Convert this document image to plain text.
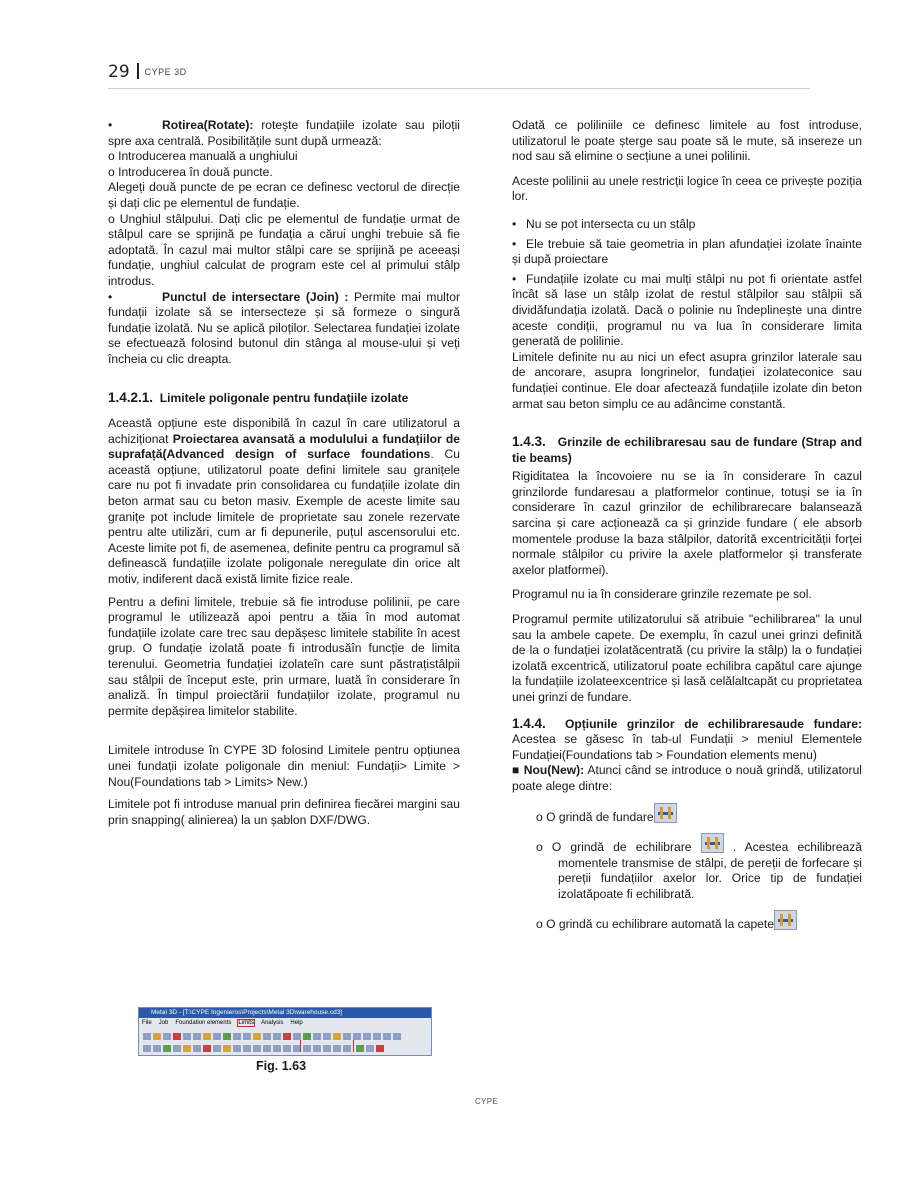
29 CYPE 3D

•	Rotirea(Rotate): rotește fundațiile izolate sau piloții spre axa centrală. Posibilitățile sunt după urmează:

o Introducerea manuală a unghiului

o Introducerea în două puncte.

Alegeți două puncte de pe ecran ce definesc vectorul de direcție și dați clic pe elementul de fundație.

o Unghiul stâlpului. Dați clic pe elementul de fundație urmat de stâlpul care se sprijină pe fundația a cărui unghi trebuie să fie adoptată. În cazul mai multor stâlpi care se sprijină pe aceeași fundație, unghiul calculat de program este cel al primului stâlp introdus.

•	Punctul de intersectare (Join) : Permite mai multor fundații izolate să se intersecteze și să formeze o singură fundație izolată. Nu se aplică piloților. Selectarea fundației izolate se efectuează folosind butonul din stânga al mouse-ului și veți încheia cu clic dreapta.

1.4.2.1. Limitele poligonale pentru fundațiile izolate

Această opțiune este disponibilă în cazul în care utilizatorul a achiziționat Proiectarea avansată a modulului a fundațiilor de suprafață(Advanced design of surface foundations. Cu această opțiune, utilizatorul poate defini limitele sau granițele care nu pot fi invadate prin consolidarea cu fundațiile izolate din beton armat sau cu beton masiv. Exemple de aceste limite sau granițe pot include limitele de proprietate sau zonele rezervate pentru alte utilizări, cum ar fi depunerile, puțul ascensorului etc. Aceste limite pot fi, de asemenea, definite pentru ca programul să definească fundațiile izolate poligonale neregulate din orice alt motiv, indiferent dacă există limite fizice reale.

Pentru a defini limitele, trebuie să fie introduse polilinii, pe care programul le utilizează apoi pentru a tăia în mod automat fundațiile izolate care trec sau depășesc limitele stabilite în acest grup. O fundație izolată poate fi introdusăîn funcție de limita terenului. Geometria fundației izolateîn care sunt păstrațistâlpii sau stâlpii de început este, prin urmare, luată în considerare în analiză. În timpul proiectării fundațiilor izolate, programul nu permite depășirea limitelor stabilite.

Limitele introduse în CYPE 3D folosind Limitele pentru opțiunea unei fundații izolate poligonale din meniul: Fundații> Limite > Nou(Foundations tab > Limits> New.)

Limitele pot fi introduse manual prin definirea fiecărei margini sau prin snapping( alinierea) la un șablon DXF/DWG.

Metal 3D - [T:\CYPE Ingenieros\Projects\Metal 3D\warehouse.cd3]
File Job Foundation elements Limits Analysis Help
Fig. 1.63

Odată ce poliliniile ce definesc limitele au fost introduse, utilizatorul le poate șterge sau poate să le mute, să insereze un nod sau să elimine o secțiune a unei polilinii.

Aceste polilinii au unele restricții logice în ceea ce privește poziția lor.

• Nu se pot intersecta cu un stâlp

• Ele trebuie să taie geometria in plan afundației izolate înainte și după proiectare

• Fundațiile izolate cu mai mulți stâlpi nu pot fi orientate astfel încât să lase un stâlp izolat de restul stâlpilor sau stâlpii să dividăfundația izolată. Dacă o polinie nu îndeplinește una dintre aceste condiții, programul nu va lua în considerare limita generată de polilinie.

Limitele definite nu au nici un efect asupra grinzilor laterale sau de ancorare, asupra longrinelor, fundației izolateconice sau fundației continue. Ele doar afectează fundațiile izolate din beton armat sau beton simplu ce au adâncime constantă.

1.4.3. Grinzile de echilibraresau sau de fundare (Strap and tie beams)

Rigiditatea la încovoiere nu se ia în considerare în cazul grinzilorde fundaresau a platformelor continue, totuși se ia în considerare în cazul grinzilor de echilibrarecare balansează sarcina și care acționează ca și grinzide fundare ( ele absorb momentele produse la baza stâlpilor, datorită excentricității forței normale stâlpilor cu privire la axele platformelor și transferate axelor platformei).

Programul nu ia în considerare grinzile rezemate pe sol.

Programul permite utilizatorului să atribuie "echilibrarea" la unul sau la ambele capete. De exemplu, în cazul unei grinzi definită de la o fundației izolatăcentrată (cu privire la stâlp) la o fundației izolată excentrică, utilizatorul poate echilibra capătul care ajunge la fundațiile izolateexcentrice și lasă celălaltcapăt cu proprietatea unei grinzi de fundare.

1.4.4. Opțiunile grinzilor de echilibraresaude fundare: Acestea se găsesc în tab-ul Fundații > meniul Elementele Fundației(Foundations tab > Foundation elements menu)

■ Nou(New): Atunci când se introduce o nouă grindă, utilizatorul poate alege dintre:

o O grindă de fundare

o O grindă de echilibrare	. Acestea echilibrează momentele transmise de stâlpi, de pereții de forfecare și pereții fundațiilor axelor lor. Orice tip de fundației izolatăpoate fi echilibrată.

o O grindă cu echilibrare automată la capete

CYPE
